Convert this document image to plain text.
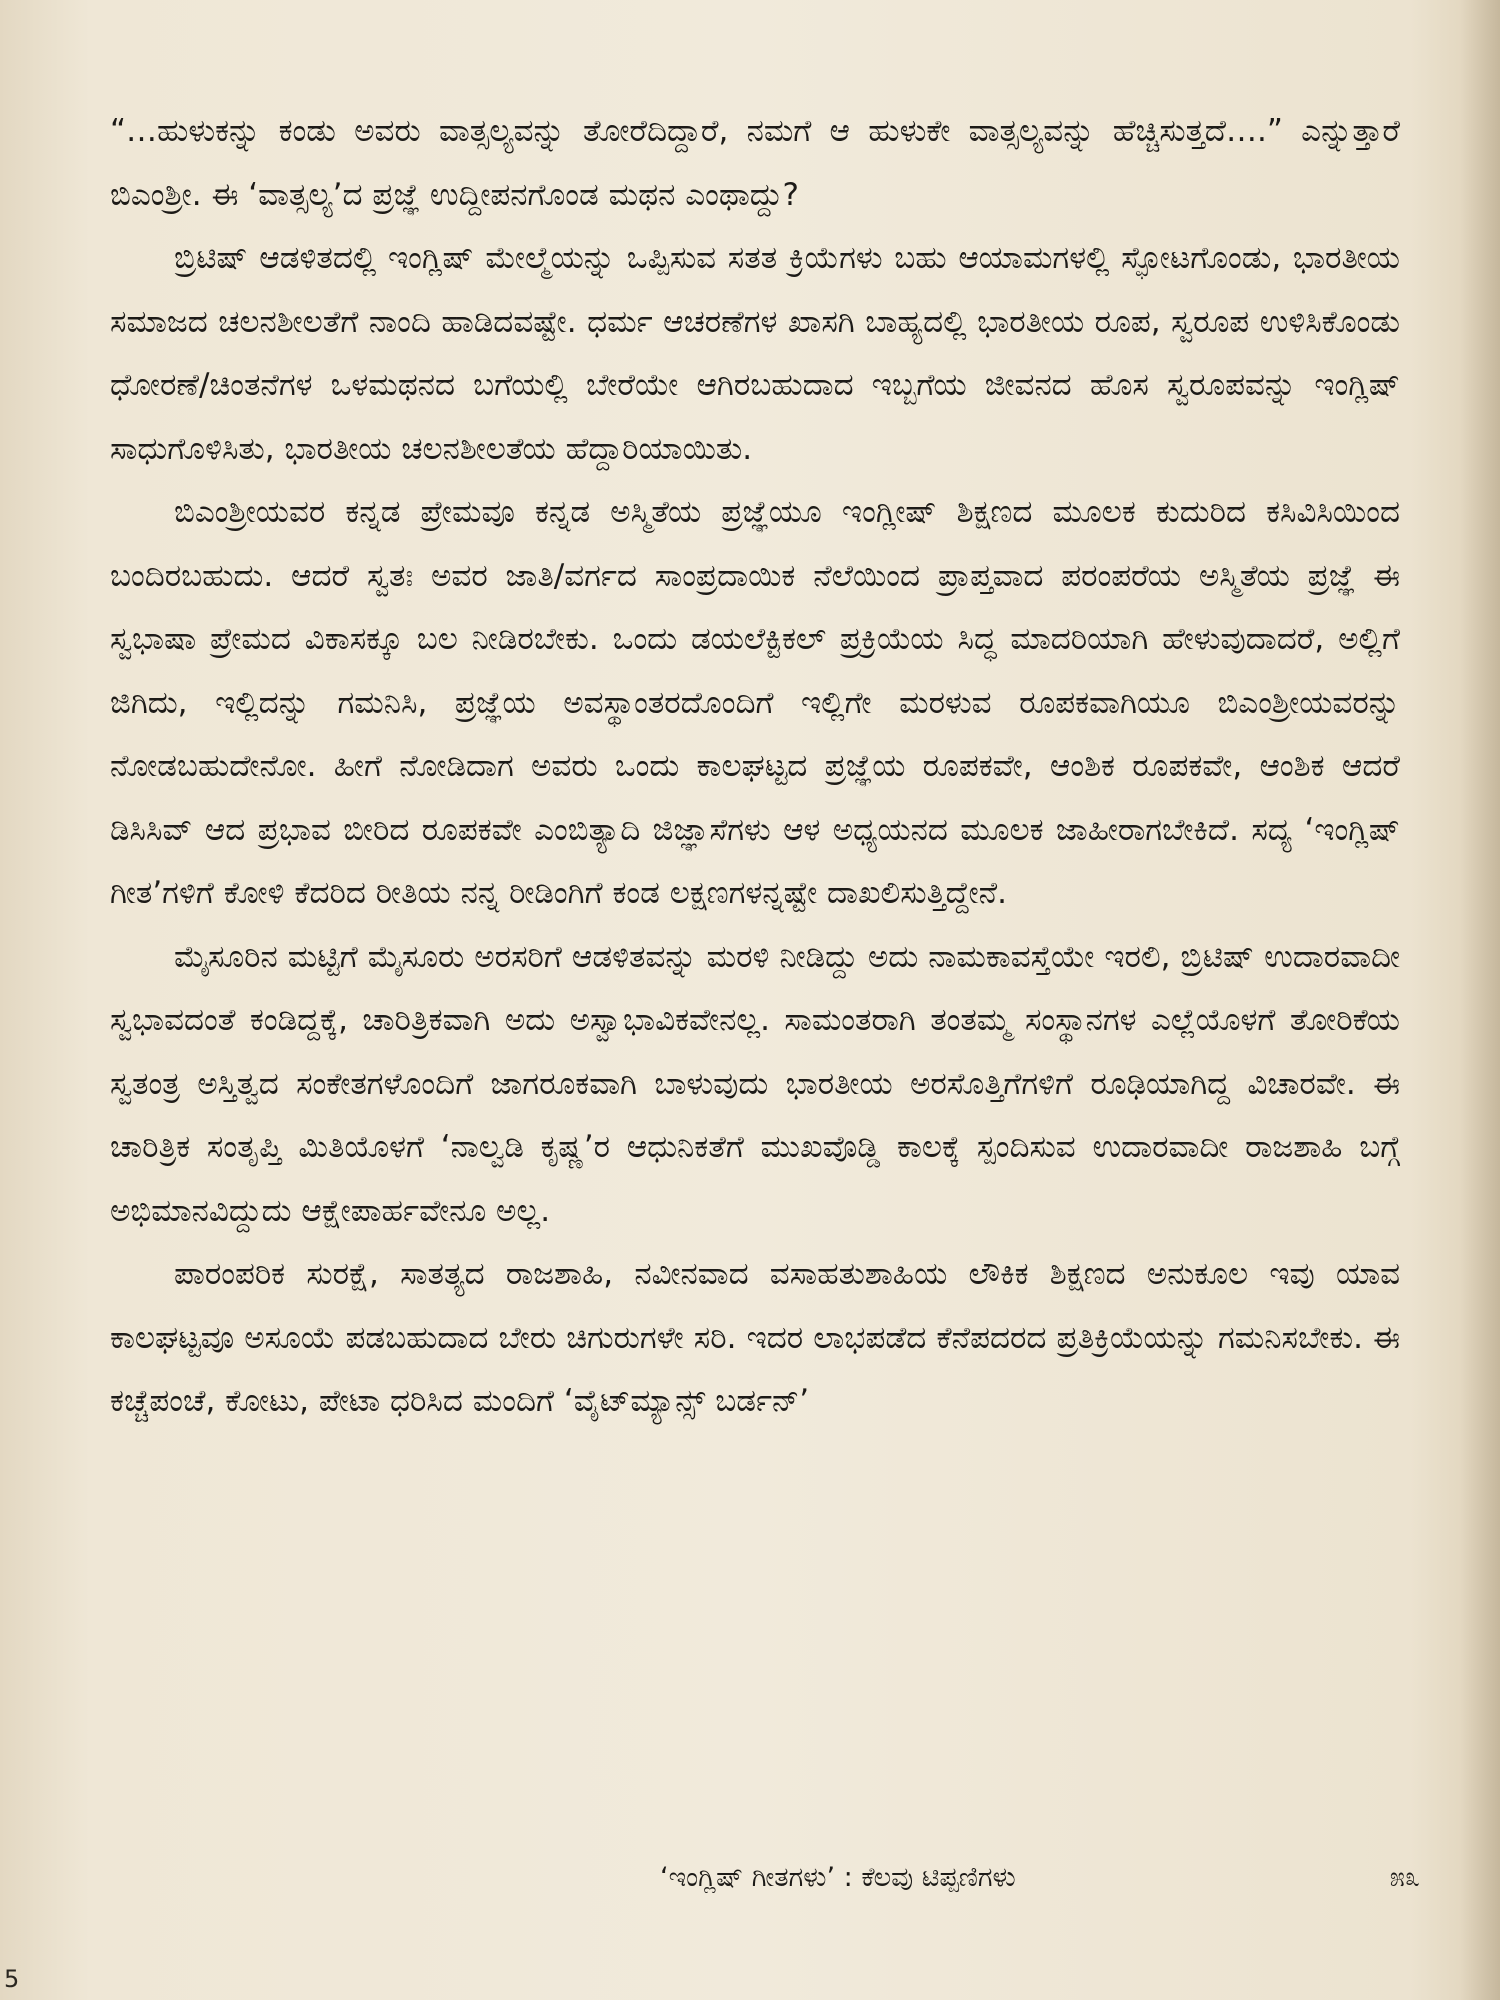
“…ಹುಳುಕನ್ನು ಕಂಡು ಅವರು ವಾತ್ಸಲ್ಯವನ್ನು ತೋರೆದಿದ್ದಾರೆ, ನಮಗೆ ಆ ಹುಳುಕೇ ವಾತ್ಸಲ್ಯವನ್ನು ಹೆಚ್ಚಿಸುತ್ತದೆ….” ಎನ್ನುತ್ತಾರೆ ಬಿಎಂಶ್ರೀ. ಈ ‘ವಾತ್ಸಲ್ಯ’ದ ಪ್ರಜ್ಞೆ ಉದ್ದೀಪನಗೊಂಡ ಮಥನ ಎಂಥಾದ್ದು?

ಬ್ರಿಟಿಷ್ ಆಡಳಿತದಲ್ಲಿ ಇಂಗ್ಲಿಷ್ ಮೇಲ್ಮೆಯನ್ನು ಒಪ್ಪಿಸುವ ಸತತ ಕ್ರಿಯೆಗಳು ಬಹು ಆಯಾಮಗಳಲ್ಲಿ ಸ್ಫೋಟಗೊಂಡು, ಭಾರತೀಯ ಸಮಾಜದ ಚಲನಶೀಲತೆಗೆ ನಾಂದಿ ಹಾಡಿದವಷ್ಟೇ. ಧರ್ಮ ಆಚರಣೆಗಳ ಖಾಸಗಿ ಬಾಹ್ಯದಲ್ಲಿ ಭಾರತೀಯ ರೂಪ, ಸ್ವರೂಪ ಉಳಿಸಿಕೊಂಡು ಧೋರಣೆ/ಚಿಂತನೆಗಳ ಒಳಮಥನದ ಬಗೆಯಲ್ಲಿ ಬೇರೆಯೇ ಆಗಿರಬಹುದಾದ ಇಬ್ಬಗೆಯ ಜೀವನದ ಹೊಸ ಸ್ವರೂಪವನ್ನು ಇಂಗ್ಲಿಷ್ ಸಾಧುಗೊಳಿಸಿತು, ಭಾರತೀಯ ಚಲನಶೀಲತೆಯ ಹೆದ್ದಾರಿಯಾಯಿತು.

ಬಿಎಂಶ್ರೀಯವರ ಕನ್ನಡ ಪ್ರೇಮವೂ ಕನ್ನಡ ಅಸ್ಮಿತೆಯ ಪ್ರಜ್ಞೆಯೂ ಇಂಗ್ಲೀಷ್ ಶಿಕ್ಷಣದ ಮೂಲಕ ಕುದುರಿದ ಕಸಿವಿಸಿಯಿಂದ ಬಂದಿರಬಹುದು. ಆದರೆ ಸ್ವತಃ ಅವರ ಜಾತಿ/ವರ್ಗದ ಸಾಂಪ್ರದಾಯಿಕ ನೆಲೆಯಿಂದ ಪ್ರಾಪ್ತವಾದ ಪರಂಪರೆಯ ಅಸ್ಮಿತೆಯ ಪ್ರಜ್ಞೆ ಈ ಸ್ವಭಾಷಾ ಪ್ರೇಮದ ವಿಕಾಸಕ್ಕೂ ಬಲ ನೀಡಿರಬೇಕು. ಒಂದು ಡಯಲೆಕ್ಟಿಕಲ್ ಪ್ರಕ್ರಿಯೆಯ ಸಿದ್ಧ ಮಾದರಿಯಾಗಿ ಹೇಳುವುದಾದರೆ, ಅಲ್ಲಿಗೆ ಜಿಗಿದು, ಇಲ್ಲಿದನ್ನು ಗಮನಿಸಿ, ಪ್ರಜ್ಞೆಯ ಅವಸ್ಥಾಂತರದೊಂದಿಗೆ ಇಲ್ಲಿಗೇ ಮರಳುವ ರೂಪಕವಾಗಿಯೂ ಬಿಎಂಶ್ರೀಯವರನ್ನು ನೋಡಬಹುದೇನೋ. ಹೀಗೆ ನೋಡಿದಾಗ ಅವರು ಒಂದು ಕಾಲಘಟ್ಟದ ಪ್ರಜ್ಞೆಯ ರೂಪಕವೇ, ಆಂಶಿಕ ರೂಪಕವೇ, ಆಂಶಿಕ ಆದರೆ ಡಿಸಿಸಿವ್ ಆದ ಪ್ರಭಾವ ಬೀರಿದ ರೂಪಕವೇ ಎಂಬಿತ್ಯಾದಿ ಜಿಜ್ಞಾಸೆಗಳು ಆಳ ಅಧ್ಯಯನದ ಮೂಲಕ ಜಾಹೀರಾಗಬೇಕಿದೆ. ಸದ್ಯ ‘ಇಂಗ್ಲಿಷ್ ಗೀತ’ಗಳಿಗೆ ಕೋಳಿ ಕೆದರಿದ ರೀತಿಯ ನನ್ನ ರೀಡಿಂಗಿಗೆ ಕಂಡ ಲಕ್ಷಣಗಳನ್ನಷ್ಟೇ ದಾಖಲಿಸುತ್ತಿದ್ದೇನೆ.

ಮೈಸೂರಿನ ಮಟ್ಟಿಗೆ ಮೈಸೂರು ಅರಸರಿಗೆ ಆಡಳಿತವನ್ನು ಮರಳಿ ನೀಡಿದ್ದು ಅದು ನಾಮಕಾವಸ್ತೆಯೇ ಇರಲಿ, ಬ್ರಿಟಿಷ್ ಉದಾರವಾದೀ ಸ್ವಭಾವದಂತೆ ಕಂಡಿದ್ದಕ್ಕೆ, ಚಾರಿತ್ರಿಕವಾಗಿ ಅದು ಅಸ್ವಾಭಾವಿಕವೇನಲ್ಲ. ಸಾಮಂತರಾಗಿ ತಂತಮ್ಮ ಸಂಸ್ಥಾನಗಳ ಎಲ್ಲೆಯೊಳಗೆ ತೋರಿಕೆಯ ಸ್ವತಂತ್ರ ಅಸ್ತಿತ್ವದ ಸಂಕೇತಗಳೊಂದಿಗೆ ಜಾಗರೂಕವಾಗಿ ಬಾಳುವುದು ಭಾರತೀಯ ಅರಸೊತ್ತಿಗೆಗಳಿಗೆ ರೂಢಿಯಾಗಿದ್ದ ವಿಚಾರವೇ. ಈ ಚಾರಿತ್ರಿಕ ಸಂತೃಪ್ತಿ ಮಿತಿಯೊಳಗೆ ‘ನಾಲ್ವಡಿ ಕೃಷ್ಣ’ರ ಆಧುನಿಕತೆಗೆ ಮುಖವೊಡ್ಡಿ ಕಾಲಕ್ಕೆ ಸ್ಪಂದಿಸುವ ಉದಾರವಾದೀ ರಾಜಶಾಹಿ ಬಗ್ಗೆ ಅಭಿಮಾನವಿದ್ದುದು ಆಕ್ಷೇಪಾರ್ಹವೇನೂ ಅಲ್ಲ.

ಪಾರಂಪರಿಕ ಸುರಕ್ಷೆ, ಸಾತತ್ಯದ ರಾಜಶಾಹಿ, ನವೀನವಾದ ವಸಾಹತುಶಾಹಿಯ ಲೌಕಿಕ ಶಿಕ್ಷಣದ ಅನುಕೂಲ ಇವು ಯಾವ ಕಾಲಘಟ್ಟವೂ ಅಸೂಯೆ ಪಡಬಹುದಾದ ಬೇರು ಚಿಗುರುಗಳೇ ಸರಿ. ಇದರ ಲಾಭಪಡೆದ ಕೆನೆಪದರದ ಪ್ರತಿಕ್ರಿಯೆಯನ್ನು ಗಮನಿಸಬೇಕು. ಈ ಕಚ್ಚೆಪಂಚೆ, ಕೋಟು, ಪೇಟಾ ಧರಿಸಿದ ಮಂದಿಗೆ ‘ವೈಟ್‌ಮ್ಯಾನ್ಸ್ ಬರ್ಡನ್’

‘ಇಂಗ್ಲಿಷ್ ಗೀತಗಳು’ : ಕೆಲವು ಟಿಪ್ಪಣಿಗಳು	೫೩
5
